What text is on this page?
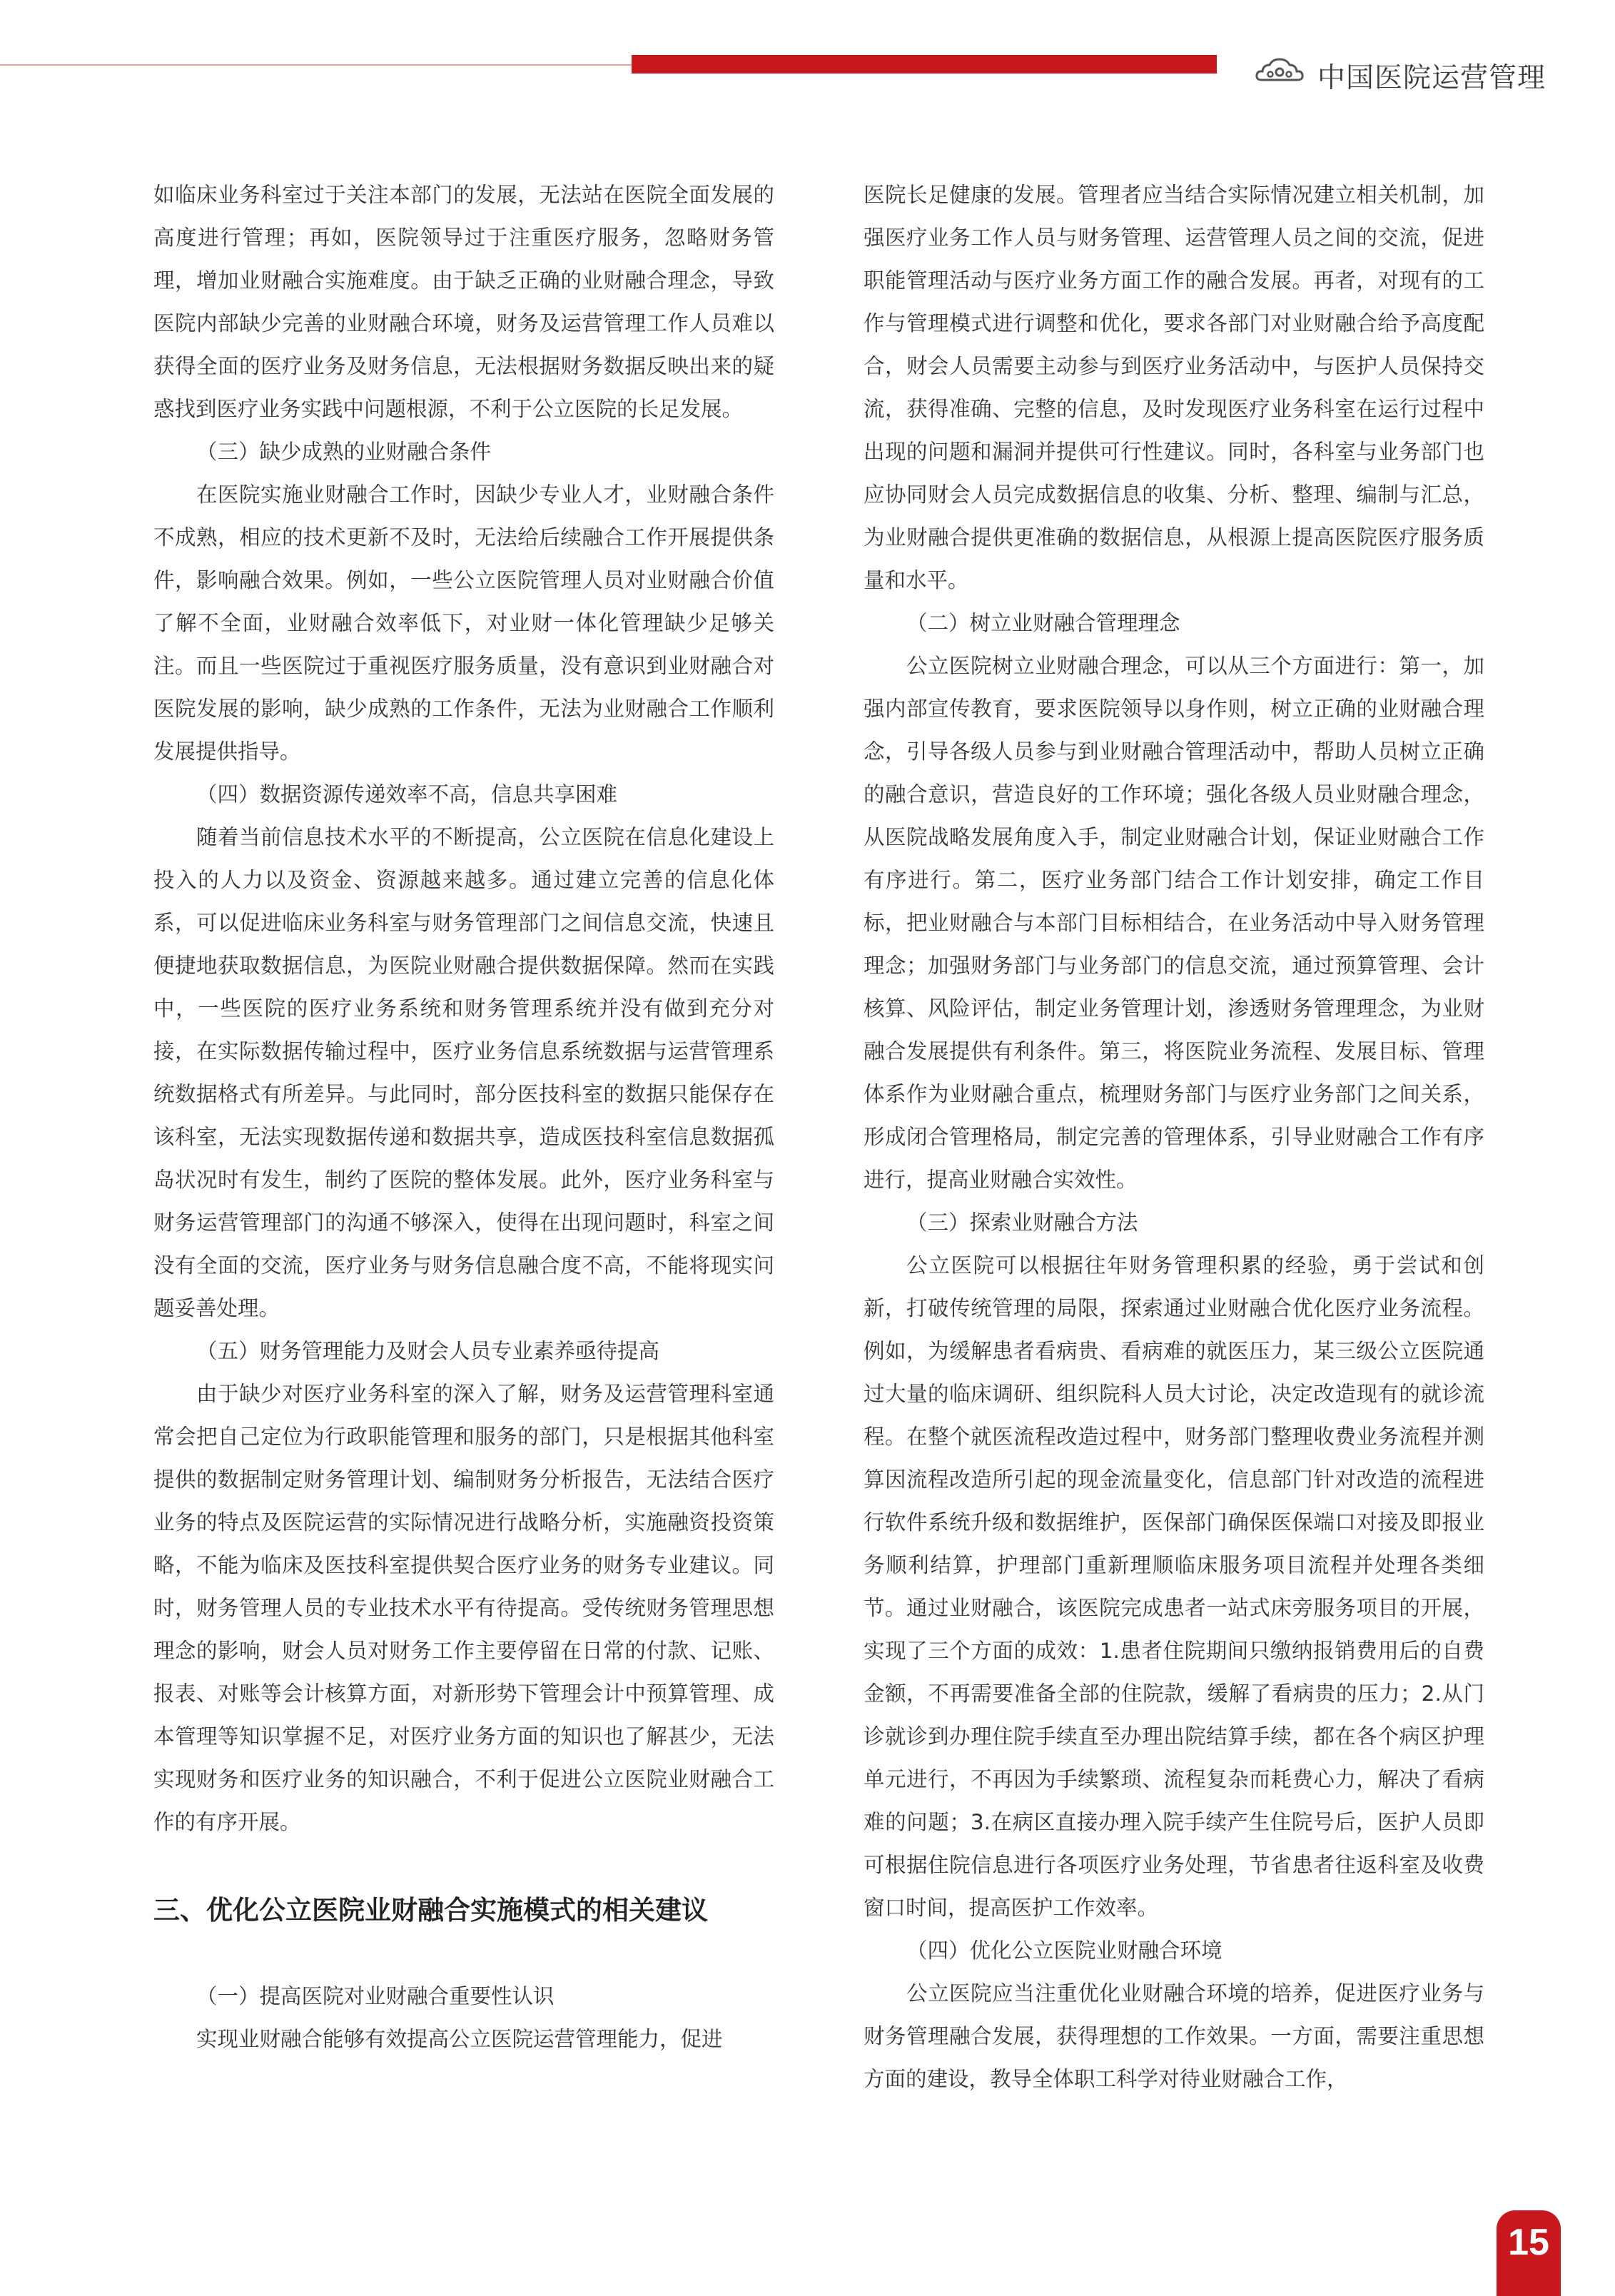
中国医院运营管理

如临床业务科室过于关注本部门的发展，无法站在医院全面发展的高度进行管理；再如，医院领导过于注重医疗服务，忽略财务管理，增加业财融合实施难度。由于缺乏正确的业财融合理念，导致医院内部缺少完善的业财融合环境，财务及运营管理工作人员难以获得全面的医疗业务及财务信息，无法根据财务数据反映出来的疑惑找到医疗业务实践中问题根源，不利于公立医院的长足发展。

（三）缺少成熟的业财融合条件

在医院实施业财融合工作时，因缺少专业人才，业财融合条件不成熟，相应的技术更新不及时，无法给后续融合工作开展提供条件，影响融合效果。例如，一些公立医院管理人员对业财融合价值了解不全面，业财融合效率低下，对业财一体化管理缺少足够关注。而且一些医院过于重视医疗服务质量，没有意识到业财融合对医院发展的影响，缺少成熟的工作条件，无法为业财融合工作顺利发展提供指导。

（四）数据资源传递效率不高，信息共享困难

随着当前信息技术水平的不断提高，公立医院在信息化建设上投入的人力以及资金、资源越来越多。通过建立完善的信息化体系，可以促进临床业务科室与财务管理部门之间信息交流，快速且便捷地获取数据信息，为医院业财融合提供数据保障。然而在实践中，一些医院的医疗业务系统和财务管理系统并没有做到充分对接，在实际数据传输过程中，医疗业务信息系统数据与运营管理系统数据格式有所差异。与此同时，部分医技科室的数据只能保存在该科室，无法实现数据传递和数据共享，造成医技科室信息数据孤岛状况时有发生，制约了医院的整体发展。此外，医疗业务科室与财务运营管理部门的沟通不够深入，使得在出现问题时，科室之间没有全面的交流，医疗业务与财务信息融合度不高，不能将现实问题妥善处理。

（五）财务管理能力及财会人员专业素养亟待提高

由于缺少对医疗业务科室的深入了解，财务及运营管理科室通常会把自己定位为行政职能管理和服务的部门，只是根据其他科室提供的数据制定财务管理计划、编制财务分析报告，无法结合医疗业务的特点及医院运营的实际情况进行战略分析，实施融资投资策略，不能为临床及医技科室提供契合医疗业务的财务专业建议。同时，财务管理人员的专业技术水平有待提高。受传统财务管理思想理念的影响，财会人员对财务工作主要停留在日常的付款、记账、报表、对账等会计核算方面，对新形势下管理会计中预算管理、成本管理等知识掌握不足，对医疗业务方面的知识也了解甚少，无法实现财务和医疗业务的知识融合，不利于促进公立医院业财融合工作的有序开展。

三、优化公立医院业财融合实施模式的相关建议

（一）提高医院对业财融合重要性认识

实现业财融合能够有效提高公立医院运营管理能力，促进

医院长足健康的发展。管理者应当结合实际情况建立相关机制，加强医疗业务工作人员与财务管理、运营管理人员之间的交流，促进职能管理活动与医疗业务方面工作的融合发展。再者，对现有的工作与管理模式进行调整和优化，要求各部门对业财融合给予高度配合，财会人员需要主动参与到医疗业务活动中，与医护人员保持交流，获得准确、完整的信息，及时发现医疗业务科室在运行过程中出现的问题和漏洞并提供可行性建议。同时，各科室与业务部门也应协同财会人员完成数据信息的收集、分析、整理、编制与汇总，为业财融合提供更准确的数据信息，从根源上提高医院医疗服务质量和水平。

（二）树立业财融合管理理念

公立医院树立业财融合理念，可以从三个方面进行：第一，加强内部宣传教育，要求医院领导以身作则，树立正确的业财融合理念，引导各级人员参与到业财融合管理活动中，帮助人员树立正确的融合意识，营造良好的工作环境；强化各级人员业财融合理念，从医院战略发展角度入手，制定业财融合计划，保证业财融合工作有序进行。第二，医疗业务部门结合工作计划安排，确定工作目标，把业财融合与本部门目标相结合，在业务活动中导入财务管理理念；加强财务部门与业务部门的信息交流，通过预算管理、会计核算、风险评估，制定业务管理计划，渗透财务管理理念，为业财融合发展提供有利条件。第三，将医院业务流程、发展目标、管理体系作为业财融合重点，梳理财务部门与医疗业务部门之间关系，形成闭合管理格局，制定完善的管理体系，引导业财融合工作有序进行，提高业财融合实效性。

（三）探索业财融合方法

公立医院可以根据往年财务管理积累的经验，勇于尝试和创新，打破传统管理的局限，探索通过业财融合优化医疗业务流程。例如，为缓解患者看病贵、看病难的就医压力，某三级公立医院通过大量的临床调研、组织院科人员大讨论，决定改造现有的就诊流程。在整个就医流程改造过程中，财务部门整理收费业务流程并测算因流程改造所引起的现金流量变化，信息部门针对改造的流程进行软件系统升级和数据维护，医保部门确保医保端口对接及即报业务顺利结算，护理部门重新理顺临床服务项目流程并处理各类细节。通过业财融合，该医院完成患者一站式床旁服务项目的开展，实现了三个方面的成效：1.患者住院期间只缴纳报销费用后的自费金额，不再需要准备全部的住院款，缓解了看病贵的压力；2.从门诊就诊到办理住院手续直至办理出院结算手续，都在各个病区护理单元进行，不再因为手续繁琐、流程复杂而耗费心力，解决了看病难的问题；3.在病区直接办理入院手续产生住院号后，医护人员即可根据住院信息进行各项医疗业务处理，节省患者往返科室及收费窗口时间，提高医护工作效率。

（四）优化公立医院业财融合环境

公立医院应当注重优化业财融合环境的培养，促进医疗业务与财务管理融合发展，获得理想的工作效果。一方面，需要注重思想方面的建设，教导全体职工科学对待业财融合工作，

15
